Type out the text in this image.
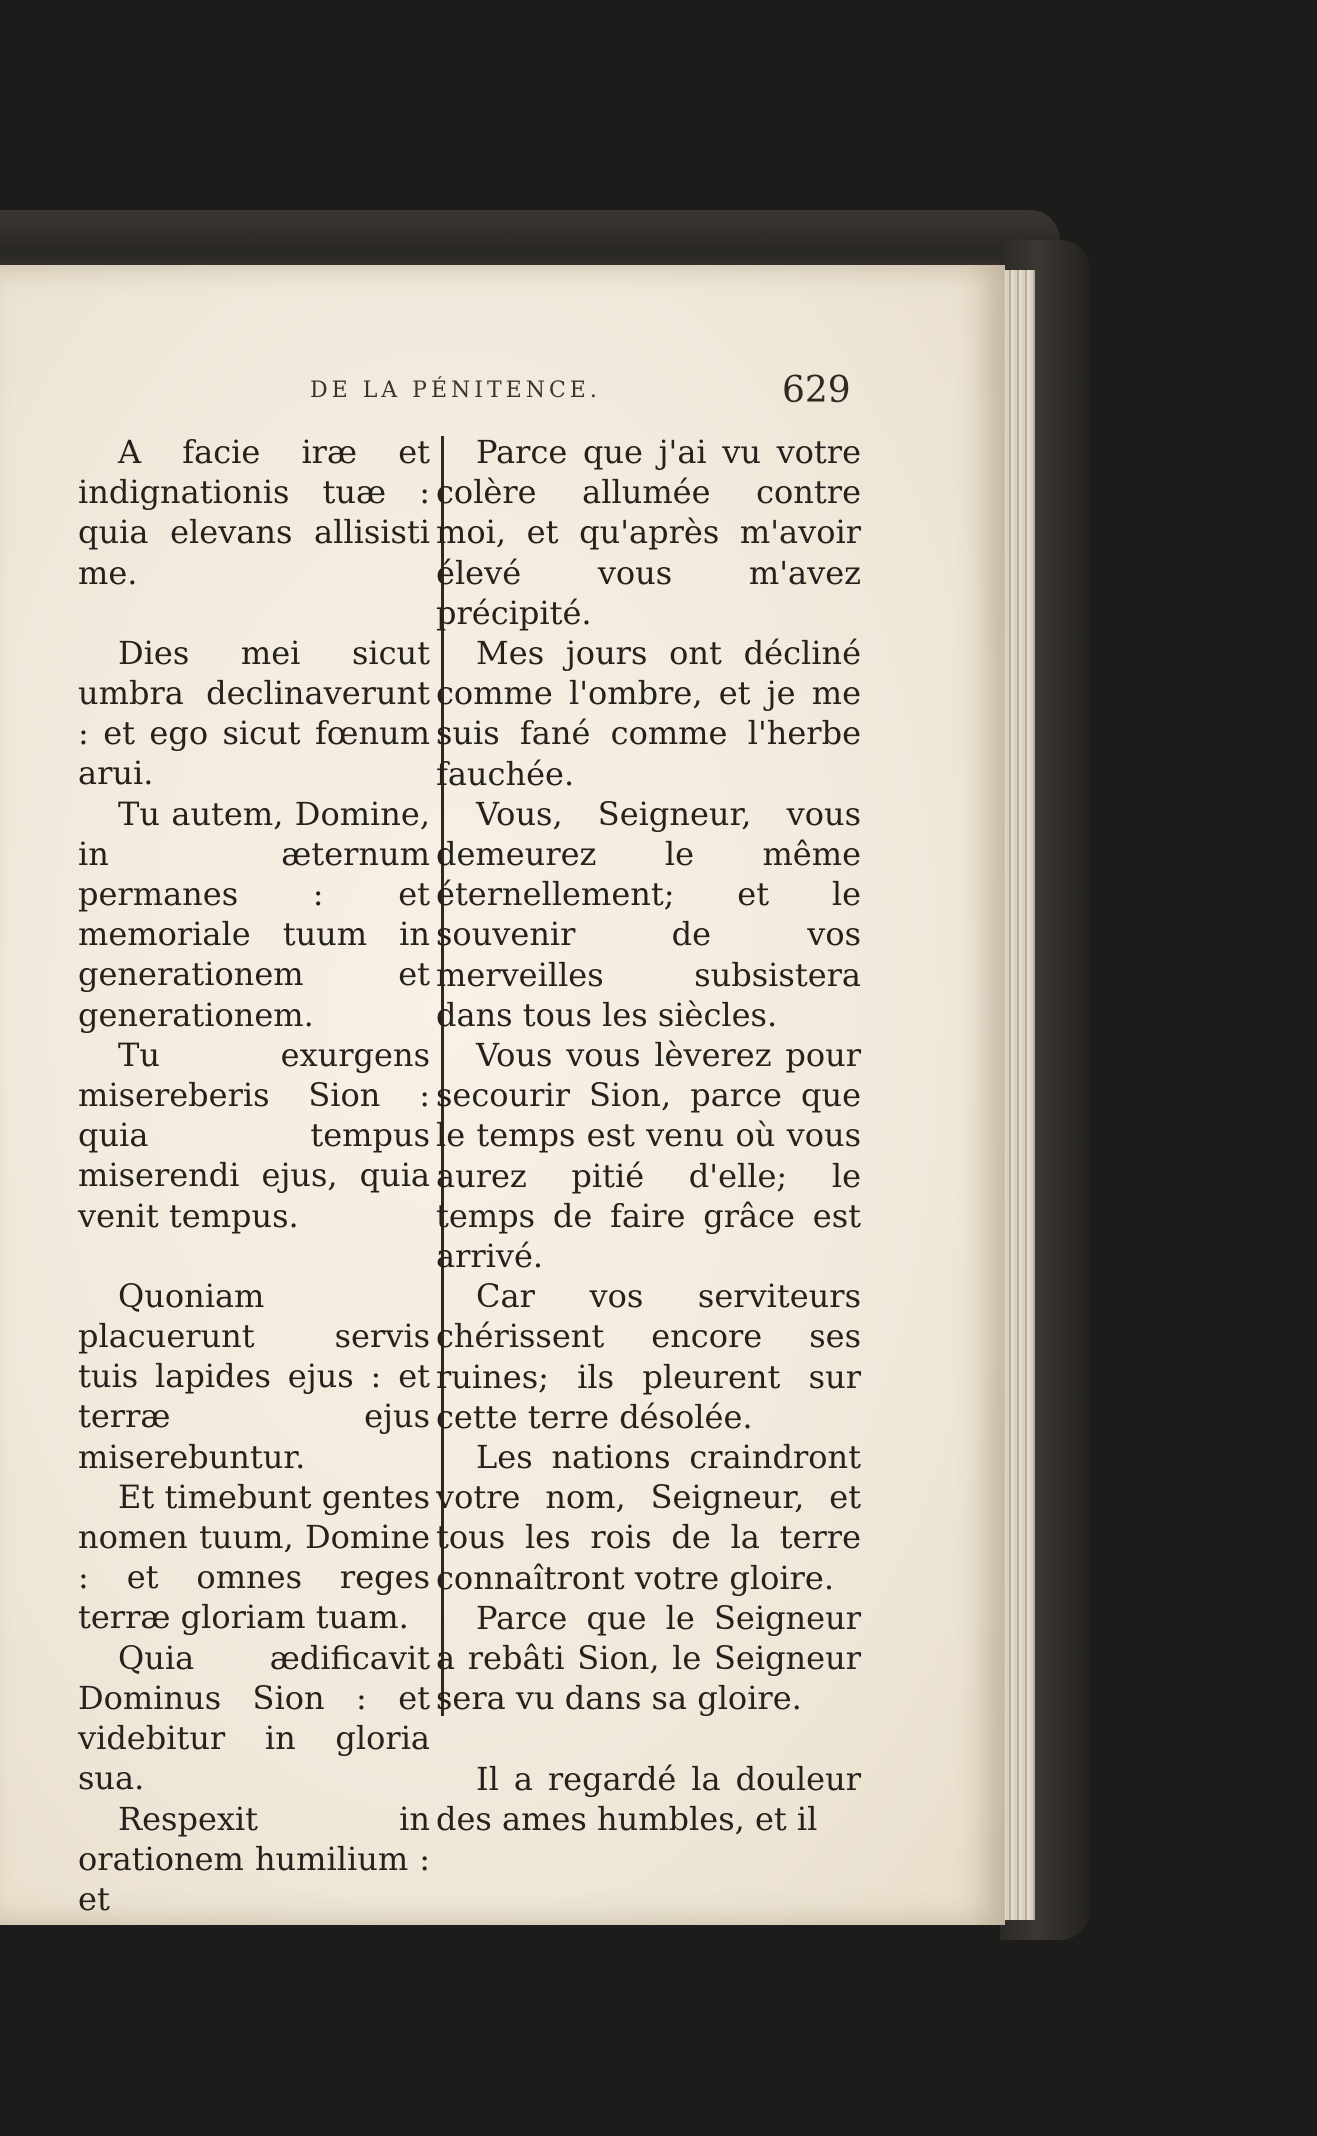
DE LA PÉNITENCE.	629

A facie iræ et indignationis tuæ : quia elevans allisisti me.

Dies mei sicut umbra declinaverunt : et ego sicut fœnum arui.

Tu autem, Domine, in æternum permanes : et memoriale tuum in generationem et generationem.

Tu exurgens misereberis Sion : quia tempus miserendi ejus, quia venit tempus.

Quoniam placuerunt servis tuis lapides ejus : et terræ ejus miserebuntur.

Et timebunt gentes nomen tuum, Domine : et omnes reges terræ gloriam tuam.

Quia ædificavit Dominus Sion : et videbitur in gloria sua.

Respexit in orationem humilium : et

Parce que j'ai vu votre colère allumée contre moi, et qu'après m'avoir élevé vous m'avez précipité.

Mes jours ont décliné comme l'ombre, et je me suis fané comme l'herbe fauchée.

Vous, Seigneur, vous demeurez le même éternellement; et le souvenir de vos merveilles subsistera dans tous les siècles.

Vous vous lèverez pour secourir Sion, parce que le temps est venu où vous aurez pitié d'elle; le temps de faire grâce est arrivé.

Car vos serviteurs chérissent encore ses ruines; ils pleurent sur cette terre désolée.

Les nations craindront votre nom, Seigneur, et tous les rois de la terre connaîtront votre gloire.

Parce que le Seigneur a rebâti Sion, le Seigneur sera vu dans sa gloire.

Il a regardé la douleur des ames humbles, et il
